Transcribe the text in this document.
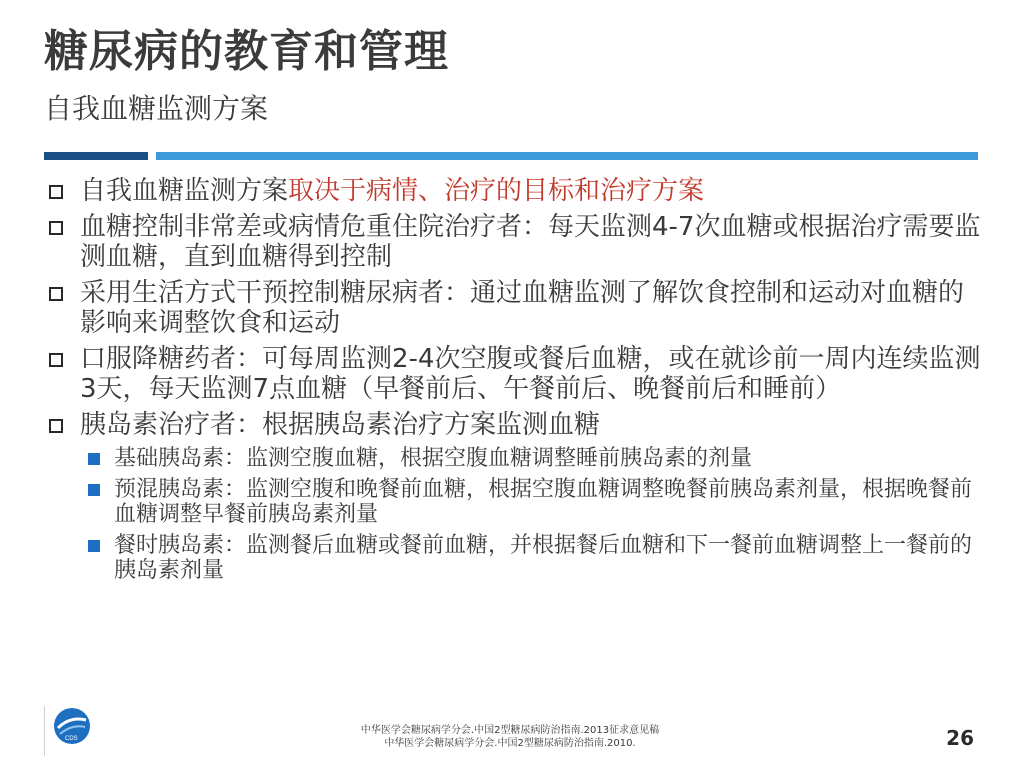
糖尿病的教育和管理
自我血糖监测方案
自我血糖监测方案取决于病情、治疗的目标和治疗方案
血糖控制非常差或病情危重住院治疗者：每天监测4-7次血糖或根据治疗需要监测血糖，直到血糖得到控制
采用生活方式干预控制糖尿病者：通过血糖监测了解饮食控制和运动对血糖的影响来调整饮食和运动
口服降糖药者：可每周监测2-4次空腹或餐后血糖，或在就诊前一周内连续监测3天，每天监测7点血糖（早餐前后、午餐前后、晚餐前后和睡前）
胰岛素治疗者：根据胰岛素治疗方案监测血糖
基础胰岛素：监测空腹血糖，根据空腹血糖调整睡前胰岛素的剂量
预混胰岛素：监测空腹和晚餐前血糖，根据空腹血糖调整晚餐前胰岛素剂量，根据晚餐前血糖调整早餐前胰岛素剂量
餐时胰岛素：监测餐后血糖或餐前血糖，并根据餐后血糖和下一餐前血糖调整上一餐前的胰岛素剂量
CDS
中华医学会糖尿病学分会.中国2型糖尿病防治指南.2013征求意见稿
中华医学会糖尿病学分会.中国2型糖尿病防治指南.2010.	26
